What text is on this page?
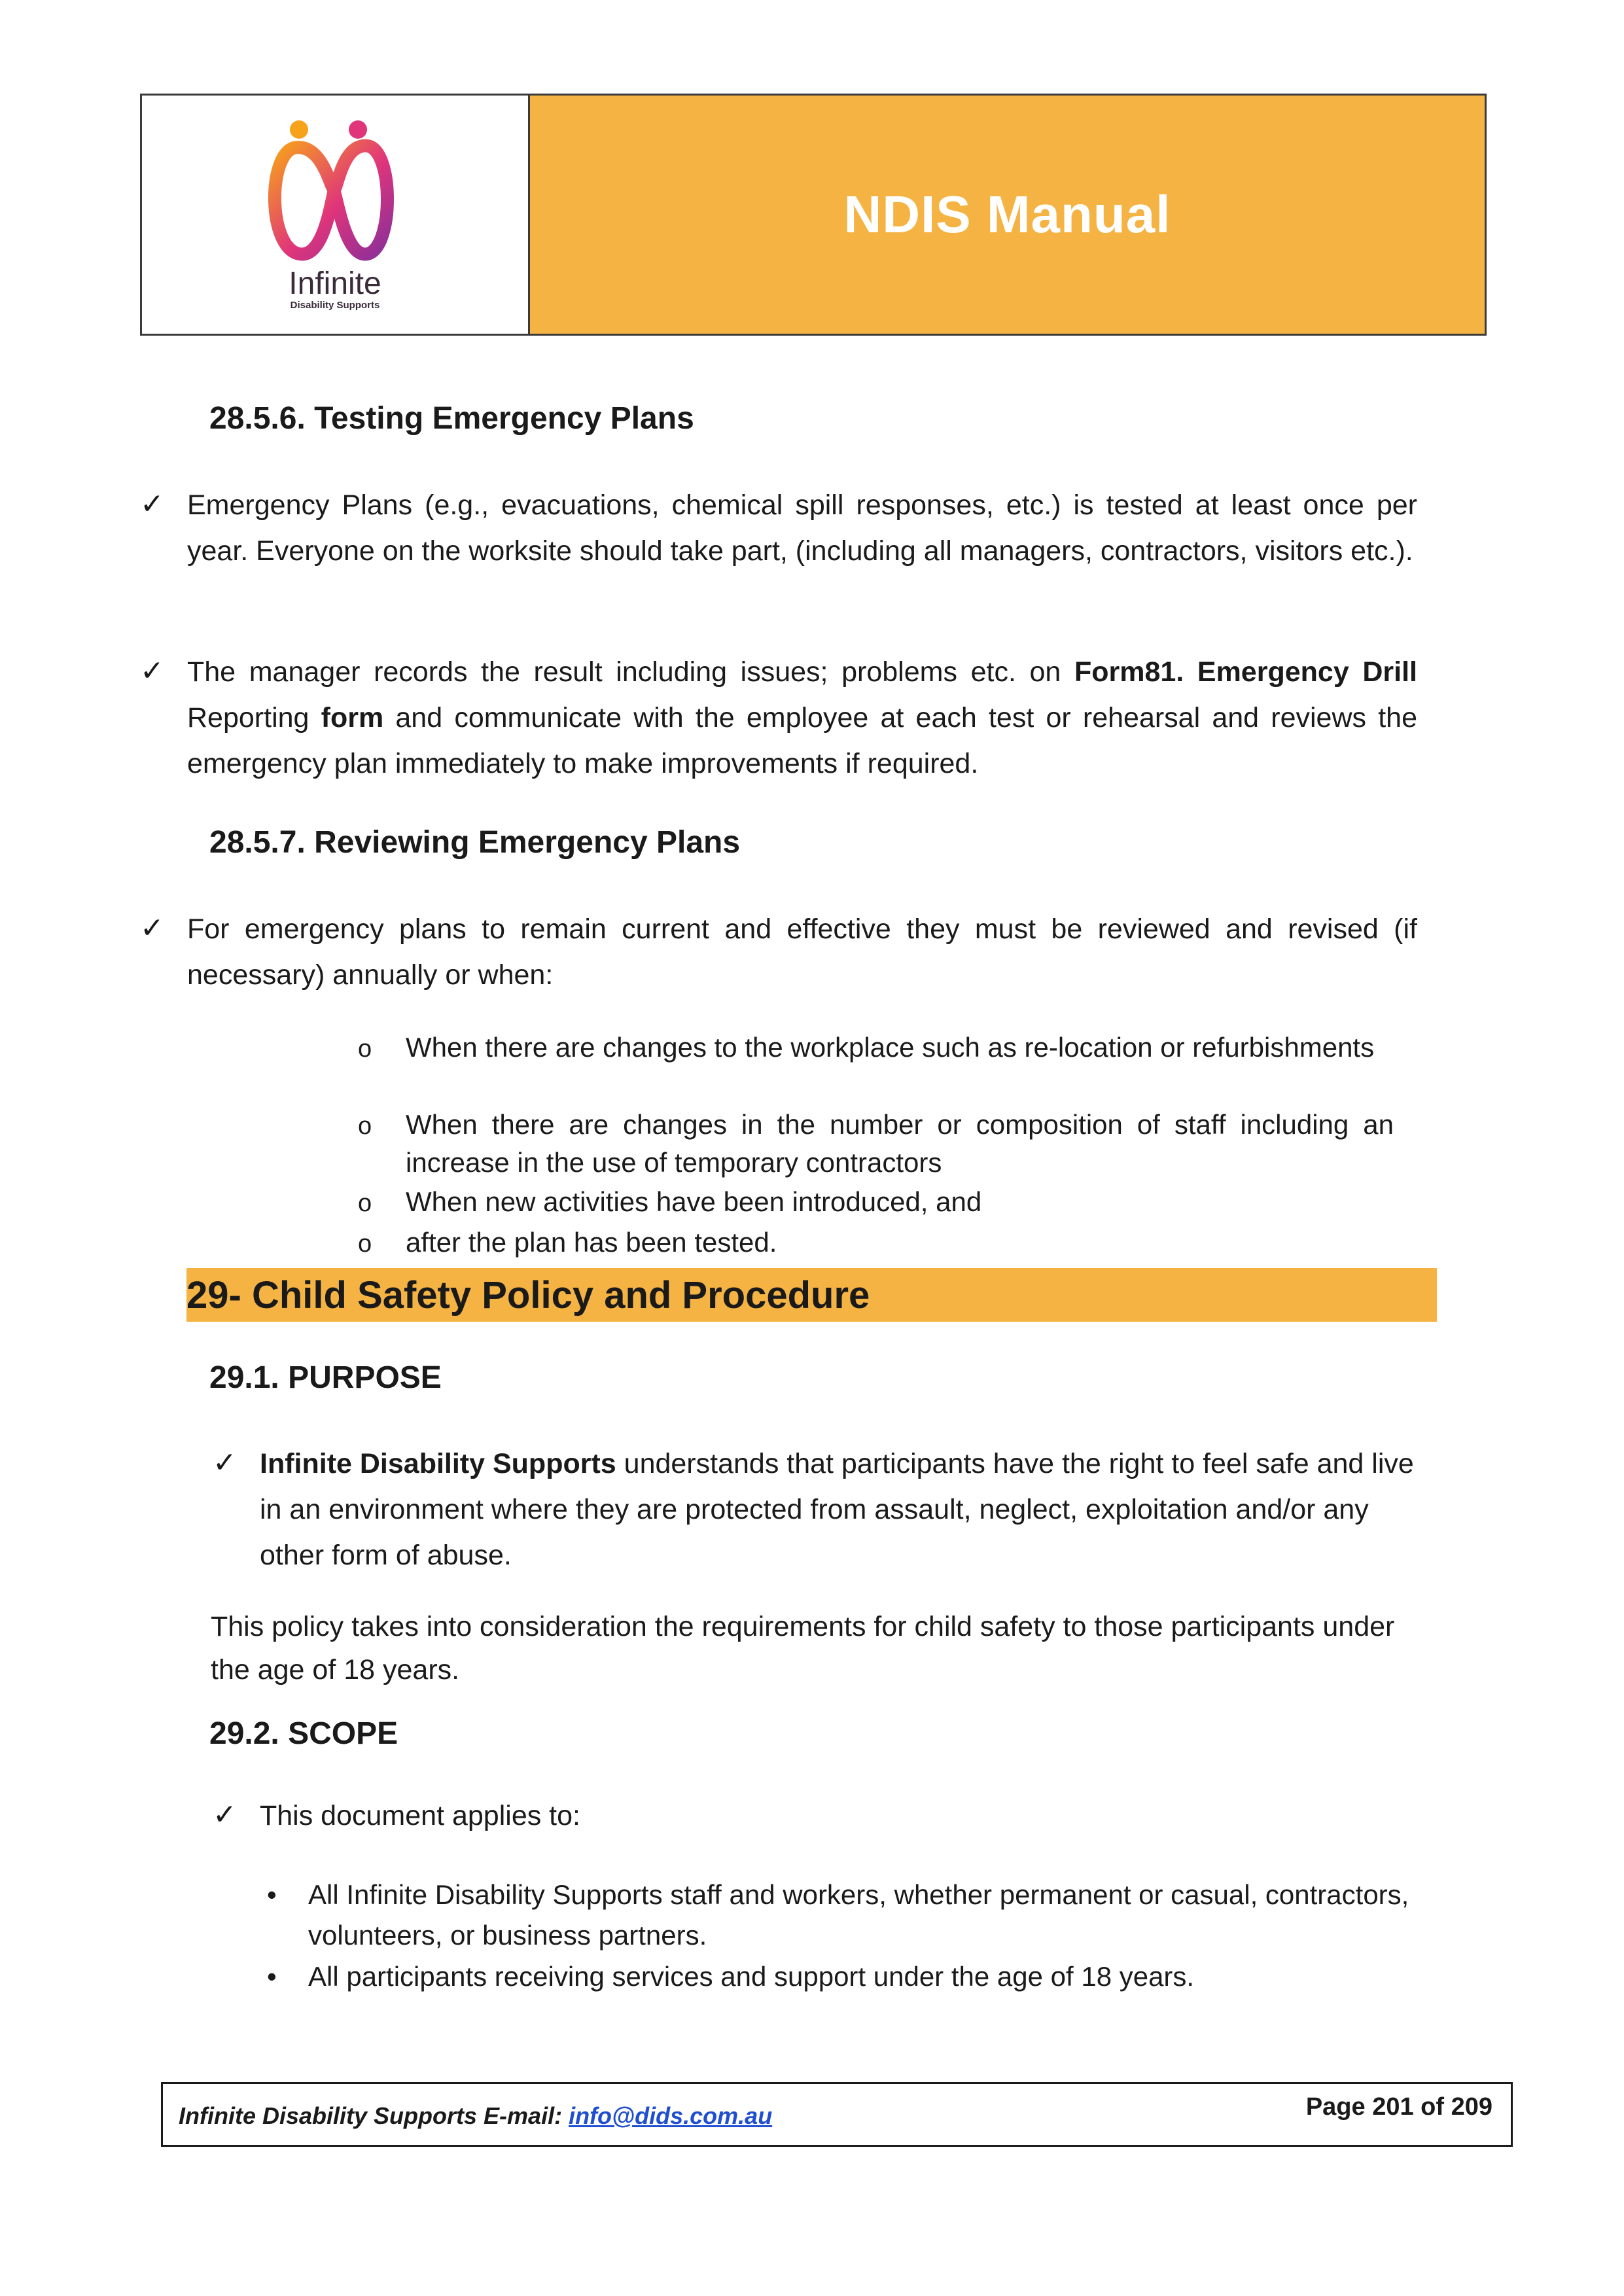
Infinite
Disability Supports
NDIS Manual
28.5.6. Testing Emergency Plans
✓ Emergency Plans (e.g., evacuations, chemical spill responses, etc.) is tested at least once per year. Everyone on the worksite should take part, (including all managers, contractors, visitors etc.).
✓ The manager records the result including issues; problems etc. on Form81. Emergency Drill Reporting form and communicate with the employee at each test or rehearsal and reviews the emergency plan immediately to make improvements if required.
28.5.7. Reviewing Emergency Plans
✓ For emergency plans to remain current and effective they must be reviewed and revised (if necessary) annually or when:
o When there are changes to the workplace such as re-location or refurbishments
o When there are changes in the number or composition of staff including an increase in the use of temporary contractors
o When new activities have been introduced, and
o after the plan has been tested.
29- Child Safety Policy and Procedure
29.1. PURPOSE
✓ Infinite Disability Supports understands that participants have the right to feel safe and live in an environment where they are protected from assault, neglect, exploitation and/or any other form of abuse.
This policy takes into consideration the requirements for child safety to those participants under the age of 18 years.
29.2. SCOPE
✓ This document applies to:
• All Infinite Disability Supports staff and workers, whether permanent or casual, contractors, volunteers, or business partners.
• All participants receiving services and support under the age of 18 years.
Infinite Disability Supports E-mail: info@dids.com.au	Page 201 of 209
